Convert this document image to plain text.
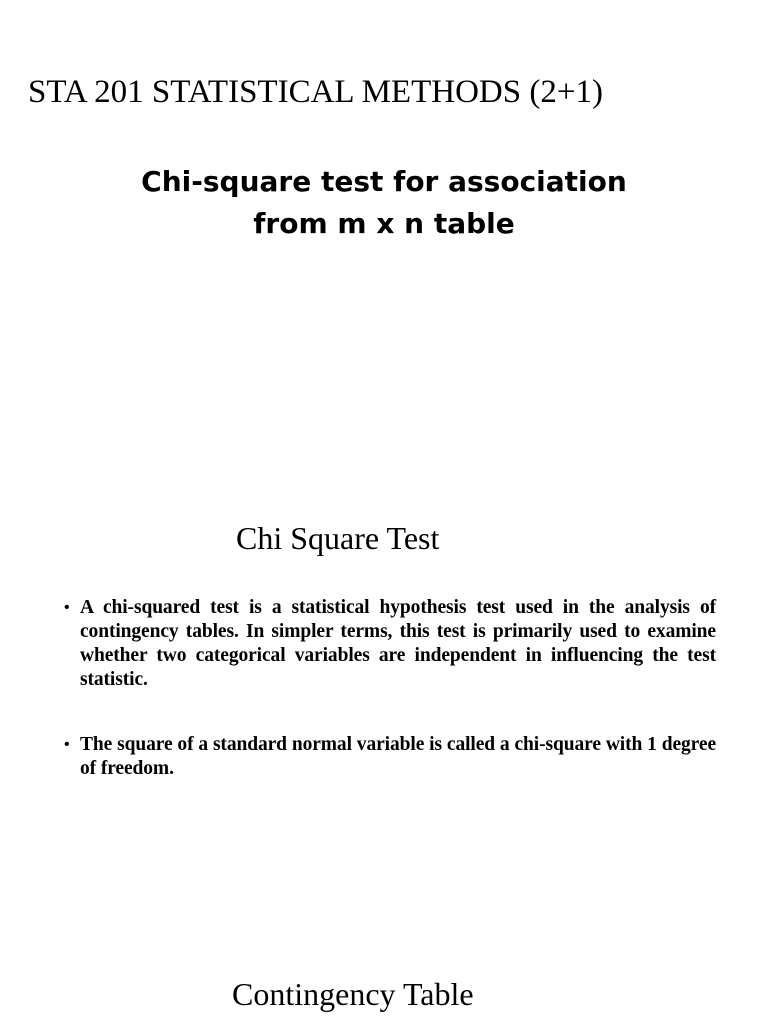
STA 201 STATISTICAL METHODS (2+1)
Chi-square test for association
from m x n table
Chi Square Test
• A chi-squared test is a statistical hypothesis test used in the analysis of contingency tables. In simpler terms, this test is primarily used to examine whether two categorical variables are independent in influencing the test statistic.
• The square of a standard normal variable is called a chi-square with 1 degree of freedom.
Contingency Table
